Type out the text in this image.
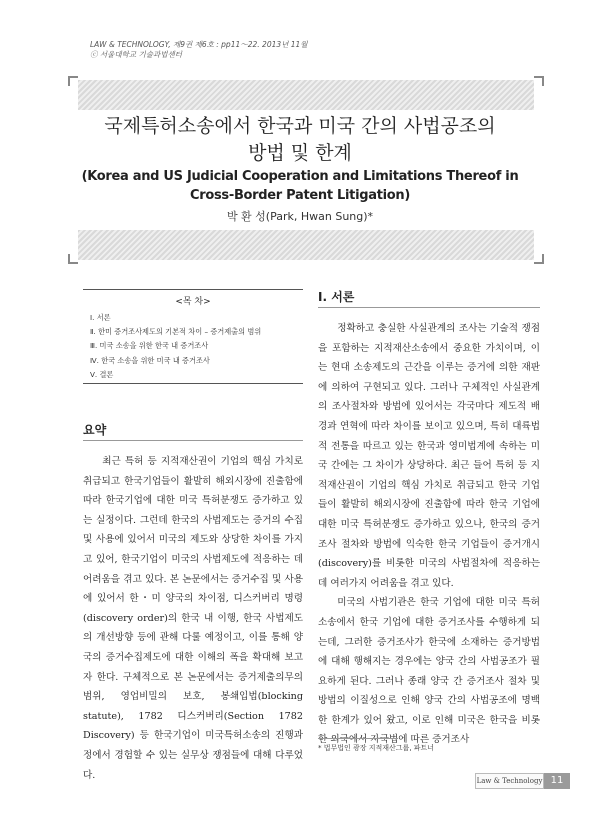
LAW & TECHNOLOGY, 제9권 제6호 : pp11～22. 2013년 11월
ⓒ 서울대학교 기술과법센터
국제특허소송에서 한국과 미국 간의 사법공조의
방법 및 한계
(Korea and US Judicial Cooperation and Limitations Thereof in
Cross-Border Patent Litigation)
박 환 성(Park, Hwan Sung)*
<목 차>
Ⅰ. 서론
Ⅱ. 한미 증거조사제도의 기본적 차이 – 증거제출의 범위
Ⅲ. 미국 소송을 위한 한국 내 증거조사
Ⅳ. 한국 소송을 위한 미국 내 증거조사
Ⅴ. 결론
요약

최근 특허 등 지적재산권이 기업의 핵심 가치로 취급되고 한국기업들이 활발히 해외시장에 진출함에 따라 한국기업에 대한 미국 특허분쟁도 증가하고 있는 실정이다. 그런데 한국의 사법제도는 증거의 수집 및 사용에 있어서 미국의 제도와 상당한 차이를 가지고 있어, 한국기업이 미국의 사법제도에 적응하는 데 어려움을 겪고 있다. 본 논문에서는 증거수집 및 사용에 있어서 한・미 양국의 차이점, 디스커버리 명령(discovery order)의 한국 내 이행, 한국 사법제도의 개선방향 등에 관해 다룰 예정이고, 이를 통해 양국의 증거수집제도에 대한 이해의 폭을 확대해 보고자 한다. 구체적으로 본 논문에서는 증거제출의무의 범위, 영업비밀의 보호, 봉쇄입법(blocking statute), 1782 디스커버리(Section 1782 Discovery) 등 한국기업이 미국특허소송의 진행과정에서 경험할 수 있는 실무상 쟁점들에 대해 다루었다.

Ⅰ. 서론

정확하고 충실한 사실관계의 조사는 기술적 쟁점을 포함하는 지적재산소송에서 중요한 가치이며, 이는 현대 소송제도의 근간을 이루는 증거에 의한 재판에 의하여 구현되고 있다. 그러나 구체적인 사실관계의 조사절차와 방법에 있어서는 각국마다 제도적 배경과 연혁에 따라 차이를 보이고 있으며, 특히 대륙법적 전통을 따르고 있는 한국과 영미법계에 속하는 미국 간에는 그 차이가 상당하다. 최근 들어 특허 등 지적재산권이 기업의 핵심 가치로 취급되고 한국 기업들이 활발히 해외시장에 진출함에 따라 한국 기업에 대한 미국 특허분쟁도 증가하고 있으나, 한국의 증거조사 절차와 방법에 익숙한 한국 기업들이 증거개시(discovery)를 비롯한 미국의 사법절차에 적응하는 데 여러가지 어려움을 겪고 있다.

미국의 사법기관은 한국 기업에 대한 미국 특허소송에서 한국 기업에 대한 증거조사를 수행하게 되는데, 그러한 증거조사가 한국에 소재하는 증거방법에 대해 행해지는 경우에는 양국 간의 사법공조가 필요하게 된다. 그러나 종래 양국 간 증거조사 절차 및 방법의 이질성으로 인해 양국 간의 사법공조에 명백한 한계가 있어 왔고, 이로 인해 미국은 한국을 비롯한 외국에서 자국법에 따른 증거조사

* 법무법인 광장 지적재산그룹, 파트너
Law & Technology 11
